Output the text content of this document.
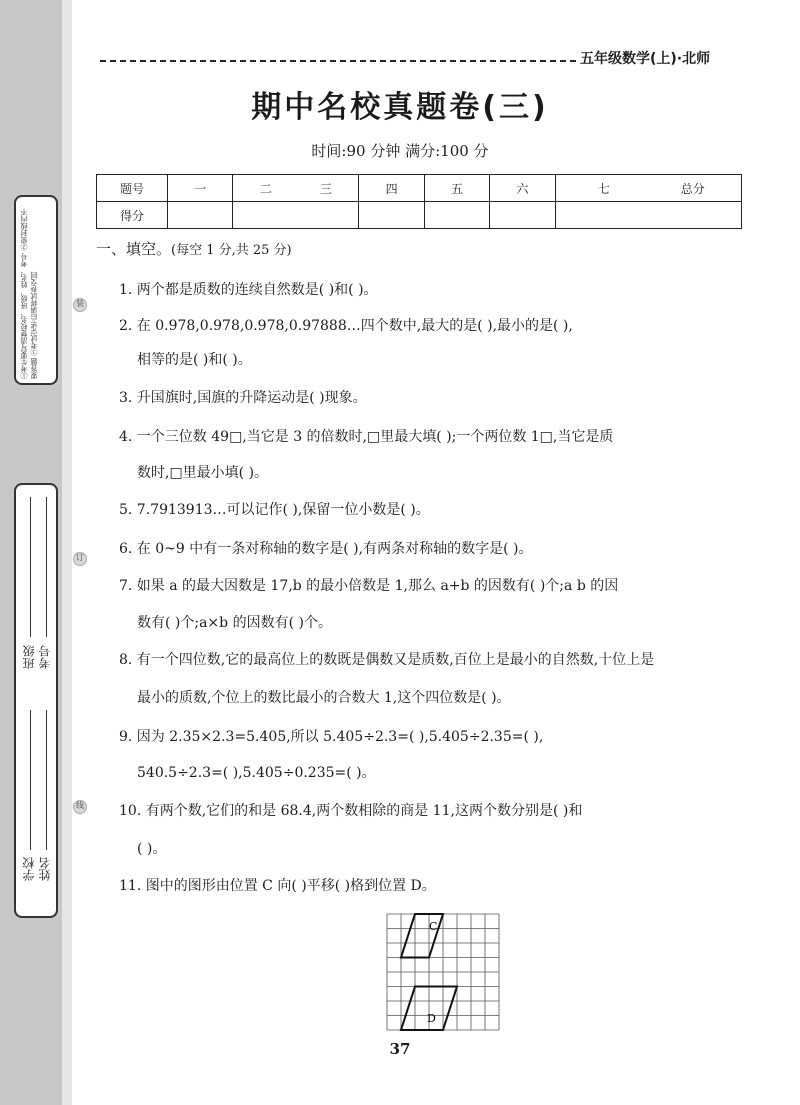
①考生要写清楚校名、班级、姓名、考号 ②密封线内不要答题 ③考试完毕后请将试卷交回	装
订
线
班级 考号
学校 姓名
五年级数学(上)·北师
期中名校真题卷(三)
时间:90 分钟 满分:100 分
题号	一	二 三	四	五	六	七 总分
得分						
一、填空。(每空 1 分,共 25 分)
1. 两个都是质数的连续自然数是( )和( )。
2. 在 0.978,0.978,0.978,0.97888…四个数中,最大的是( ),最小的是( ),
相等的是( )和( )。
3. 升国旗时,国旗的升降运动是( )现象。
4. 一个三位数 49□,当它是 3 的倍数时,□里最大填( );一个两位数 1□,当它是质
数时,□里最小填( )。
5. 7.7913913…可以记作( ),保留一位小数是( )。
6. 在 0~9 中有一条对称轴的数字是( ),有两条对称轴的数字是( )。
7. 如果 a 的最大因数是 17,b 的最小倍数是 1,那么 a+b 的因数有( )个;a b 的因
数有( )个;a×b 的因数有( )个。
8. 有一个四位数,它的最高位上的数既是偶数又是质数,百位上是最小的自然数,十位上是
最小的质数,个位上的数比最小的合数大 1,这个四位数是( )。
9. 因为 2.35×2.3=5.405,所以 5.405÷2.3=( ),5.405÷2.35=( ),
540.5÷2.3=( ),5.405÷0.235=( )。
10. 有两个数,它们的和是 68.4,两个数相除的商是 11,这两个数分别是( )和
( )。
11. 图中的图形由位置 C 向( )平移( )格到位置 D。
C
D
37
